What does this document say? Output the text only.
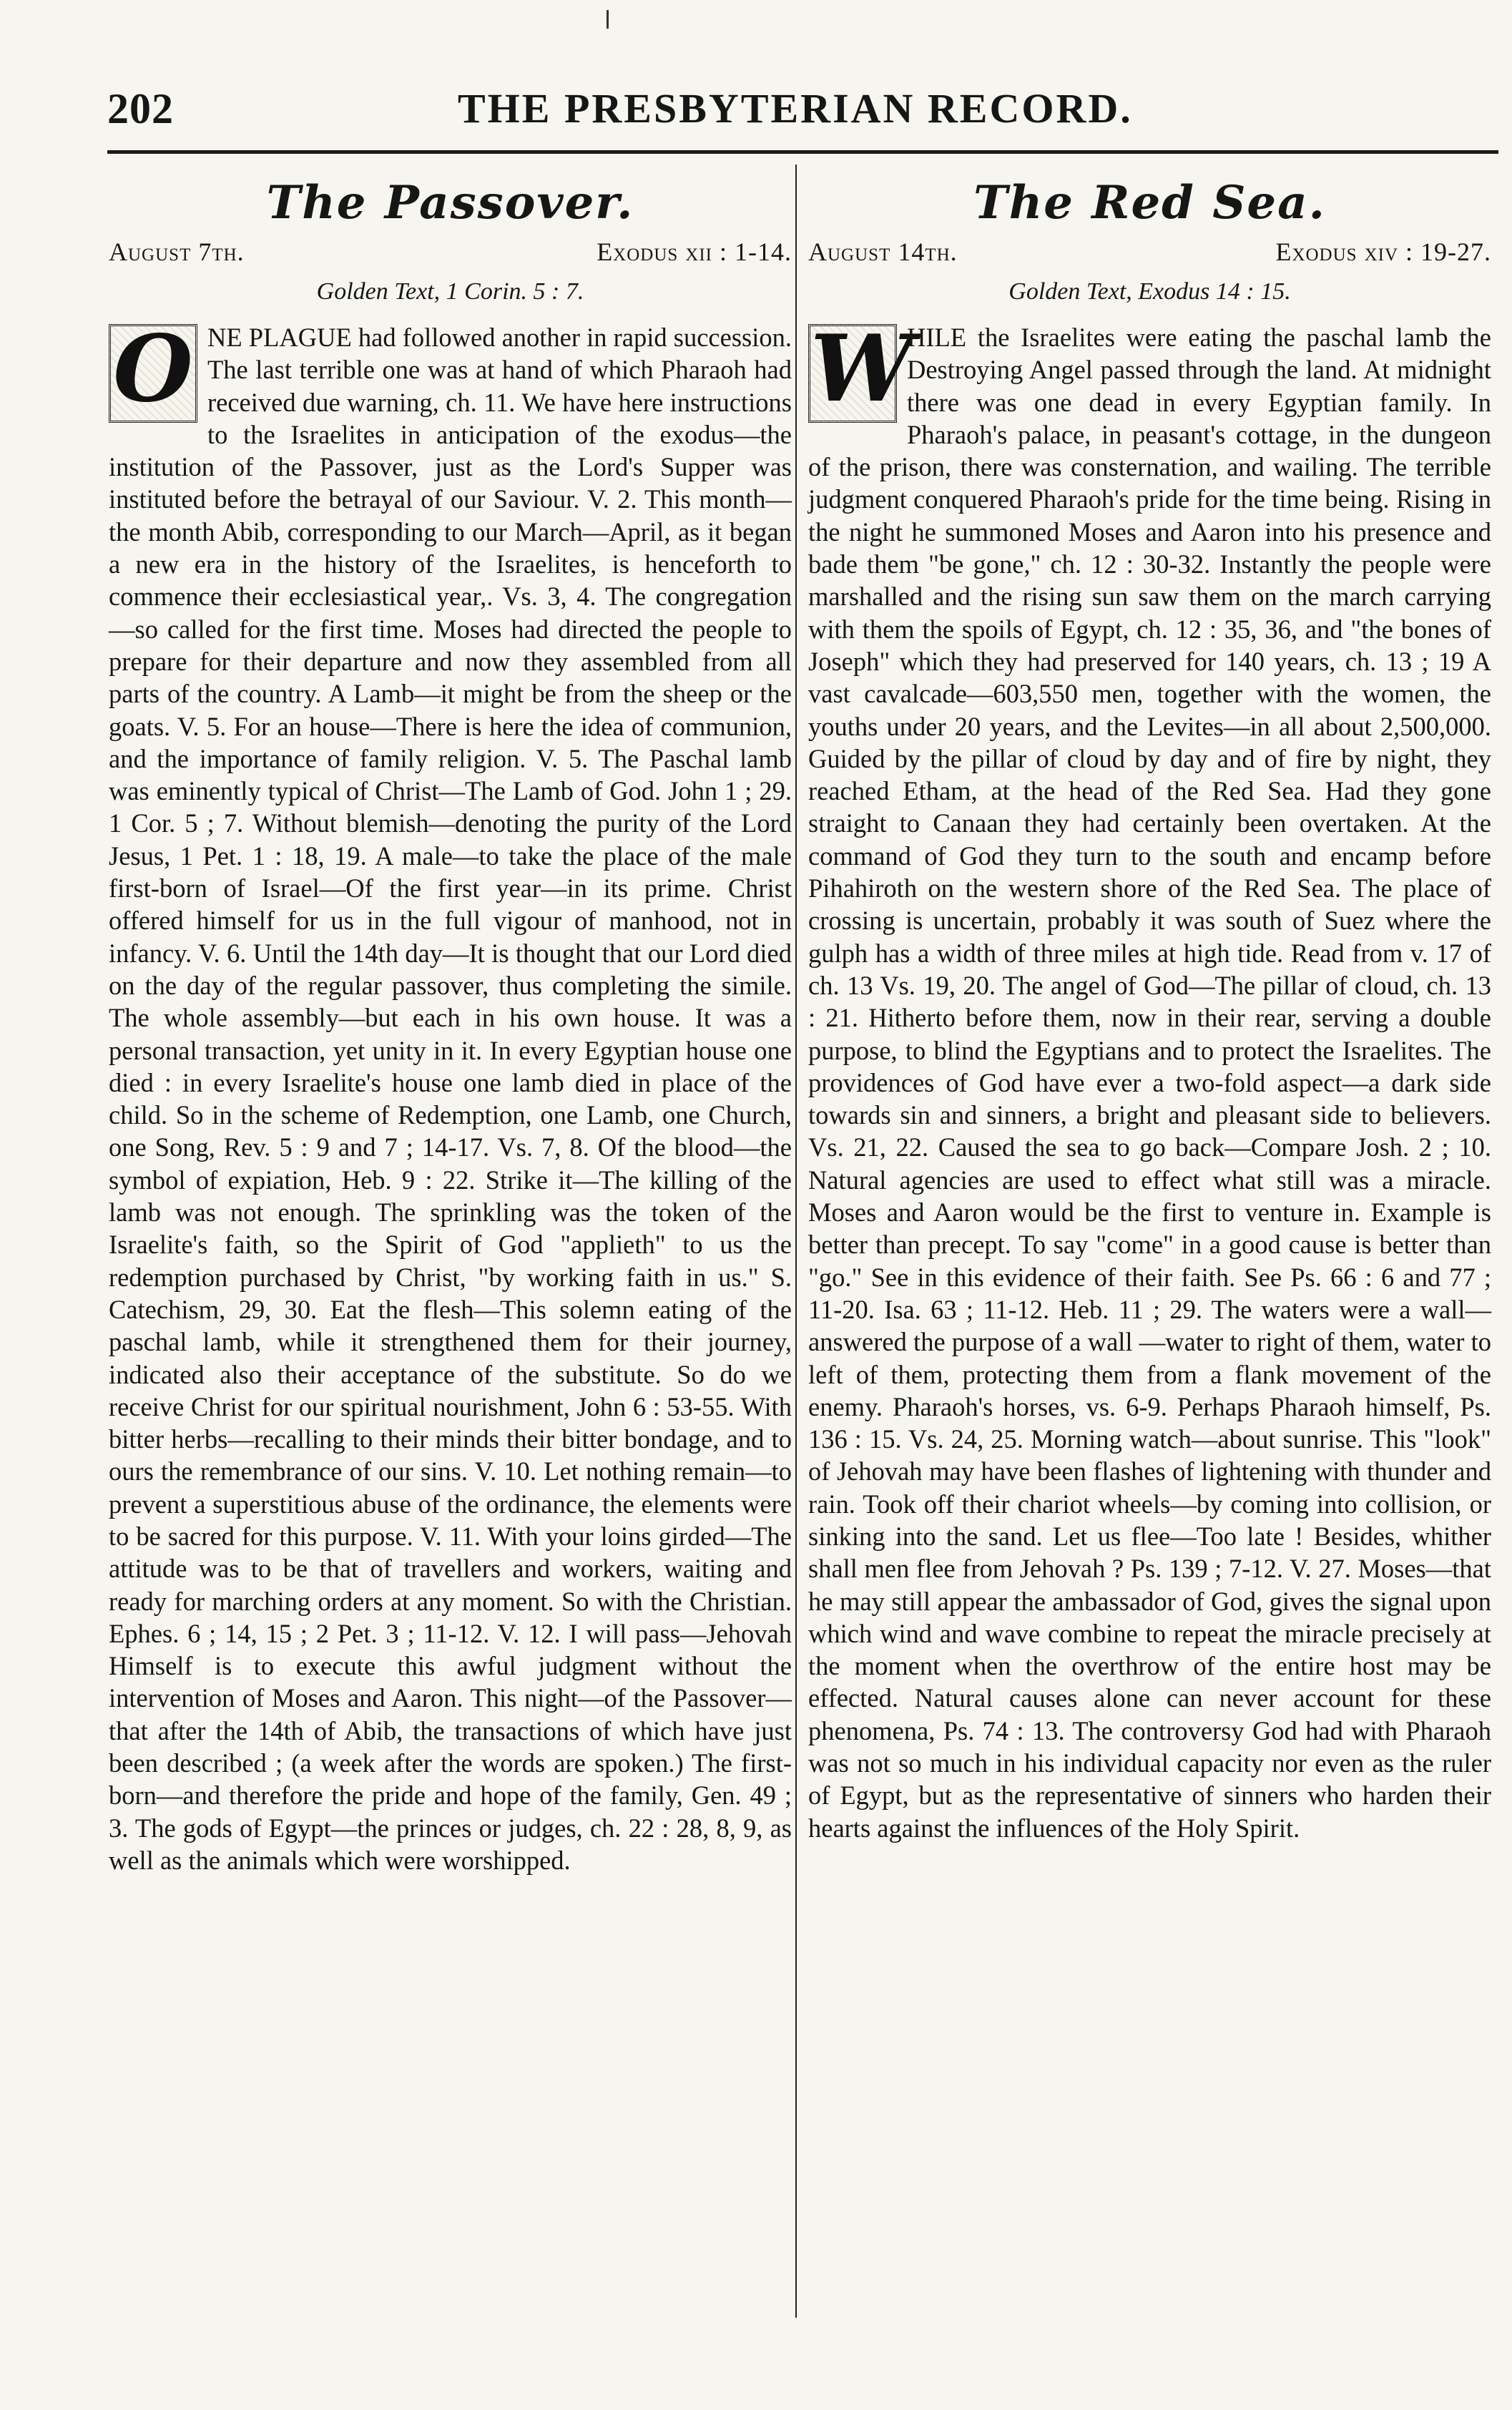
202	THE PRESBYTERIAN RECORD.
The Passover.
August 7th.	Exodus xii : 1-14.
Golden Text, 1 Corin. 5 : 7.
O NE PLAGUE had followed another in rapid succession. The last terrible one was at hand of which Pharaoh had received due warning, ch. 11. We have here instructions to the Israelites in anticipation of the exodus—the institution of the Passover, just as the Lord's Supper was instituted before the betrayal of our Saviour. V. 2. This month—the month Abib, corresponding to our March—April, as it began a new era in the history of the Israelites, is henceforth to commence their ecclesiastical year,. Vs. 3, 4. The congregation—so called for the first time. Moses had directed the people to prepare for their departure and now they assembled from all parts of the country. A Lamb—it might be from the sheep or the goats. V. 5. For an house—There is here the idea of communion, and the importance of family religion. V. 5. The Paschal lamb was eminently typical of Christ—The Lamb of God. John 1 ; 29. 1 Cor. 5 ; 7. Without blemish—denoting the purity of the Lord Jesus, 1 Pet. 1 : 18, 19. A male—to take the place of the male first-born of Israel—Of the first year—in its prime. Christ offered himself for us in the full vigour of manhood, not in infancy. V. 6. Until the 14th day—It is thought that our Lord died on the day of the regular passover, thus completing the simile. The whole assembly—but each in his own house. It was a personal transaction, yet unity in it. In every Egyptian house one died : in every Israelite's house one lamb died in place of the child. So in the scheme of Redemption, one Lamb, one Church, one Song, Rev. 5 : 9 and 7 ; 14-17. Vs. 7, 8. Of the blood—the symbol of expiation, Heb. 9 : 22. Strike it—The killing of the lamb was not enough. The sprinkling was the token of the Israelite's faith, so the Spirit of God "applieth" to us the redemption purchased by Christ, "by working faith in us." S. Catechism, 29, 30. Eat the flesh—This solemn eating of the paschal lamb, while it strengthened them for their journey, indicated also their acceptance of the substitute. So do we receive Christ for our spiritual nourishment, John 6 : 53-55. With bitter herbs—recalling to their minds their bitter bondage, and to ours the remembrance of our sins. V. 10. Let nothing remain—to prevent a superstitious abuse of the ordinance, the elements were to be sacred for this purpose. V. 11. With your loins girded—The attitude was to be that of travellers and workers, waiting and ready for marching orders at any moment. So with the Christian. Ephes. 6 ; 14, 15 ; 2 Pet. 3 ; 11-12. V. 12. I will pass—Jehovah Himself is to execute this awful judgment without the intervention of Moses and Aaron. This night—of the Passover—that after the 14th of Abib, the transactions of which have just been described ; (a week after the words are spoken.) The first-born—and therefore the pride and hope of the family, Gen. 49 ; 3. The gods of Egypt—the princes or judges, ch. 22 : 28, 8, 9, as well as the animals which were worshipped.
The Red Sea.
August 14th.	Exodus xiv : 19-27.
Golden Text, Exodus 14 : 15.
W
HILE the Israelites were eating the paschal lamb the Destroying Angel passed through the land. At midnight there was one dead in every Egyptian family. In Pharaoh's palace, in peasant's cottage, in the dungeon of the prison, there was consternation, and wailing. The terrible judgment conquered Pharaoh's pride for the time being. Rising in the night he summoned Moses and Aaron into his presence and bade them "be gone," ch. 12 : 30-32. Instantly the people were marshalled and the rising sun saw them on the march carrying with them the spoils of Egypt, ch. 12 : 35, 36, and "the bones of Joseph" which they had preserved for 140 years, ch. 13 ; 19 A vast cavalcade—603,550 men, together with the women, the youths under 20 years, and the Levites—in all about 2,500,000. Guided by the pillar of cloud by day and of fire by night, they reached Etham, at the head of the Red Sea. Had they gone straight to Canaan they had certainly been overtaken. At the command of God they turn to the south and encamp before Pihahiroth on the western shore of the Red Sea. The place of crossing is uncertain, probably it was south of Suez where the gulph has a width of three miles at high tide. Read from v. 17 of ch. 13 Vs. 19, 20. The angel of God—The pillar of cloud, ch. 13 : 21. Hitherto before them, now in their rear, serving a double purpose, to blind the Egyptians and to protect the Israelites. The providences of God have ever a two-fold aspect—a dark side towards sin and sinners, a bright and pleasant side to believers. Vs. 21, 22. Caused the sea to go back—Compare Josh. 2 ; 10. Natural agencies are used to effect what still was a miracle. Moses and Aaron would be the first to venture in. Example is better than precept. To say "come" in a good cause is better than "go." See in this evidence of their faith. See Ps. 66 : 6 and 77 ; 11-20. Isa. 63 ; 11-12. Heb. 11 ; 29. The waters were a wall—answered the purpose of a wall —water to right of them, water to left of them, protecting them from a flank movement of the enemy. Pharaoh's horses, vs. 6-9. Perhaps Pharaoh himself, Ps. 136 : 15. Vs. 24, 25. Morning watch—about sunrise. This "look" of Jehovah may have been flashes of lightening with thunder and rain. Took off their chariot wheels—by coming into collision, or sinking into the sand. Let us flee—Too late ! Besides, whither shall men flee from Jehovah ? Ps. 139 ; 7-12. V. 27. Moses—that he may still appear the ambassador of God, gives the signal upon which wind and wave combine to repeat the miracle precisely at the moment when the overthrow of the entire host may be effected. Natural causes alone can never account for these phenomena, Ps. 74 : 13. The controversy God had with Pharaoh was not so much in his individual capacity nor even as the ruler of Egypt, but as the representative of sinners who harden their hearts against the influences of the Holy Spirit.
